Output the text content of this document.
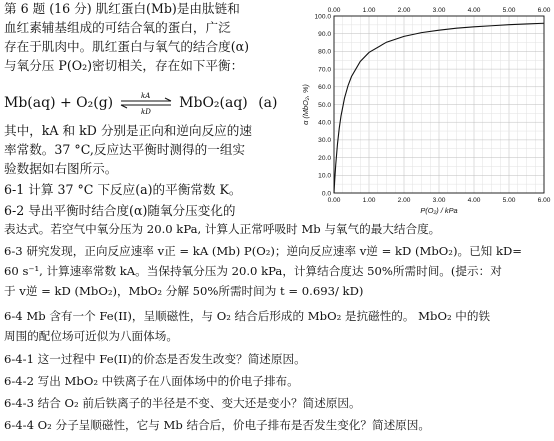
第 6 题 (16 分) 肌红蛋白(Mb)是由肽链和
血红素辅基组成的可结合氧的蛋白，广泛
存在于肌肉中。肌红蛋白与氧气的结合度(α)
与氧分压 P(O₂)密切相关，存在如下平衡：
Mb(aq) + O₂(g)	kA
kD
MbO₂(aq) (a)
其中，kA 和 kD 分别是正向和逆向反应的速
率常数。37 °C,反应达平衡时测得的一组实
验数据如右图所示。
6-1 计算 37 °C 下反应(a)的平衡常数 K。
6-2 导出平衡时结合度(α)随氧分压变化的
表达式。若空气中氧分压为 20.0 kPa, 计算人正常呼吸时 Mb 与氧气的最大结合度。
6-3 研究发现，正向反应速率 v正 = kA (Mb) P(O₂)；逆向反应速率 v逆 = kD (MbO₂)。已知 kD=
60 s⁻¹, 计算速率常数 kA。当保持氧分压为 20.0 kPa，计算结合度达 50%所需时间。(提示：对
于 v逆 = kD (MbO₂)，MbO₂ 分解 50%所需时间为 t = 0.693/ kD)
6-4 Mb 含有一个 Fe(II)，呈顺磁性，与 O₂ 结合后形成的 MbO₂ 是抗磁性的。 MbO₂ 中的铁
周围的配位场可近似为八面体场。
6-4-1 这一过程中 Fe(II)的价态是否发生改变？简述原因。
6-4-2 写出 MbO₂ 中铁离子在八面体场中的价电子排布。
6-4-3 结合 O₂ 前后铁离子的半径是不变、变大还是变小？简述原因。
6-4-4 O₂ 分子呈顺磁性，它与 Mb 结合后，价电子排布是否发生变化？简述原因。
0.00
0.00
1.00
1.00
2.00
2.00
3.00
3.00
4.00
4.00
5.00
5.00
6.00
6.00
0.0
10.0
20.0
30.0
40.0
50.0
60.0
70.0
80.0
90.0
100.0
P(O₂) / kPa
α (MbO₂, %)
